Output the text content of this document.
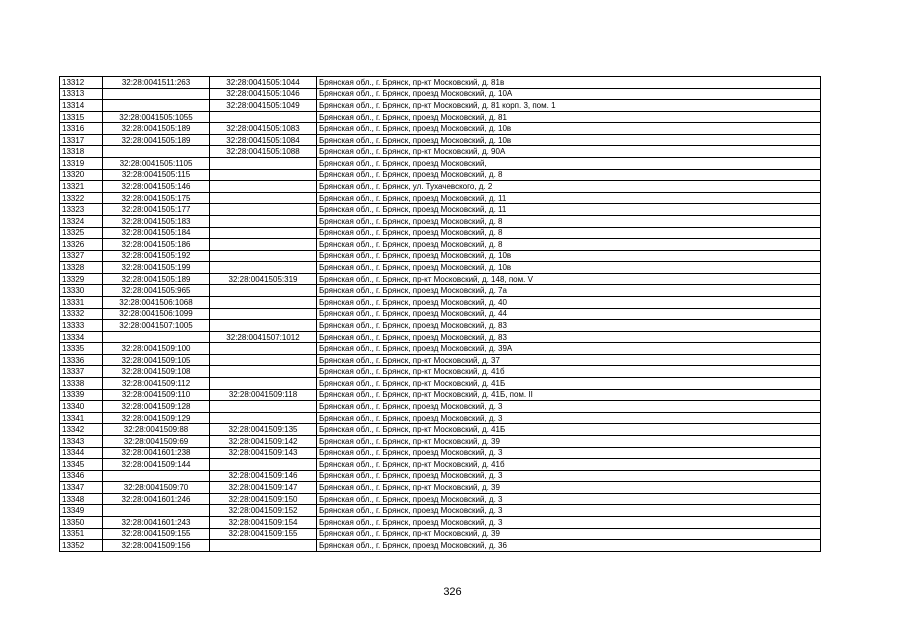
13312	32:28:0041511:263	32:28:0041505:1044	Брянская обл., г. Брянск, пр-кт Московский, д. 81в
13313		32:28:0041505:1046	Брянская обл., г. Брянск, проезд Московский, д. 10А
13314		32:28:0041505:1049	Брянская обл., г. Брянск, пр-кт Московский, д. 81 корп. 3, пом. 1
13315	32:28:0041505:1055		Брянская обл., г. Брянск, проезд Московский, д. 81
13316	32:28:0041505:189	32:28:0041505:1083	Брянская обл., г. Брянск, проезд Московский, д. 10в
13317	32:28:0041505:189	32:28:0041505:1084	Брянская обл., г. Брянск, проезд Московский, д. 10в
13318		32:28:0041505:1088	Брянская обл., г. Брянск, пр-кт Московский, д. 90А
13319	32:28:0041505:1105		Брянская обл., г. Брянск, проезд Московский,
13320	32:28:0041505:115		Брянская обл., г. Брянск, проезд Московский, д. 8
13321	32:28:0041505:146		Брянская обл., г. Брянск, ул. Тухачевского, д. 2
13322	32:28:0041505:175		Брянская обл., г. Брянск, проезд Московский, д. 11
13323	32:28:0041505:177		Брянская обл., г. Брянск, проезд Московский, д. 11
13324	32:28:0041505:183		Брянская обл., г. Брянск, проезд Московский, д. 8
13325	32:28:0041505:184		Брянская обл., г. Брянск, проезд Московский, д. 8
13326	32:28:0041505:186		Брянская обл., г. Брянск, проезд Московский, д. 8
13327	32:28:0041505:192		Брянская обл., г. Брянск, проезд Московский, д. 10в
13328	32:28:0041505:199		Брянская обл., г. Брянск, проезд Московский, д. 10в
13329	32:28:0041505:189	32:28:0041505:319	Брянская обл., г. Брянск, пр-кт Московский, д. 148, пом. V
13330	32:28:0041505:965		Брянская обл., г. Брянск, проезд Московский, д. 7а
13331	32:28:0041506:1068		Брянская обл., г. Брянск, проезд Московский, д. 40
13332	32:28:0041506:1099		Брянская обл., г. Брянск, проезд Московский, д. 44
13333	32:28:0041507:1005		Брянская обл., г. Брянск, проезд Московский, д. 83
13334		32:28:0041507:1012	Брянская обл., г. Брянск, проезд Московский, д. 83
13335	32:28:0041509:100		Брянская обл., г. Брянск, проезд Московский, д. 39А
13336	32:28:0041509:105		Брянская обл., г. Брянск, пр-кт Московский, д. 37
13337	32:28:0041509:108		Брянская обл., г. Брянск, пр-кт Московский, д. 41б
13338	32:28:0041509:112		Брянская обл., г. Брянск, пр-кт Московский, д. 41Б
13339	32:28:0041509:110	32:28:0041509:118	Брянская обл., г. Брянск, пр-кт Московский, д. 41Б, пом. II
13340	32:28:0041509:128		Брянская обл., г. Брянск, проезд Московский, д. 3
13341	32:28:0041509:129		Брянская обл., г. Брянск, проезд Московский, д. 3
13342	32:28:0041509:88	32:28:0041509:135	Брянская обл., г. Брянск, пр-кт Московский, д. 41Б
13343	32:28:0041509:69	32:28:0041509:142	Брянская обл., г. Брянск, пр-кт Московский, д. 39
13344	32:28:0041601:238	32:28:0041509:143	Брянская обл., г. Брянск, проезд Московский, д. 3
13345	32:28:0041509:144		Брянская обл., г. Брянск, пр-кт Московский, д. 41б
13346		32:28:0041509:146	Брянская обл., г. Брянск, проезд Московский, д. 3
13347	32:28:0041509:70	32:28:0041509:147	Брянская обл., г. Брянск, пр-кт Московский, д. 39
13348	32:28:0041601:246	32:28:0041509:150	Брянская обл., г. Брянск, проезд Московский, д. 3
13349		32:28:0041509:152	Брянская обл., г. Брянск, проезд Московский, д. 3
13350	32:28:0041601:243	32:28:0041509:154	Брянская обл., г. Брянск, проезд Московский, д. 3
13351	32:28:0041509:155	32:28:0041509:155	Брянская обл., г. Брянск, пр-кт Московский, д. 39
13352	32:28:0041509:156		Брянская обл., г. Брянск, проезд Московский, д. 36
326
